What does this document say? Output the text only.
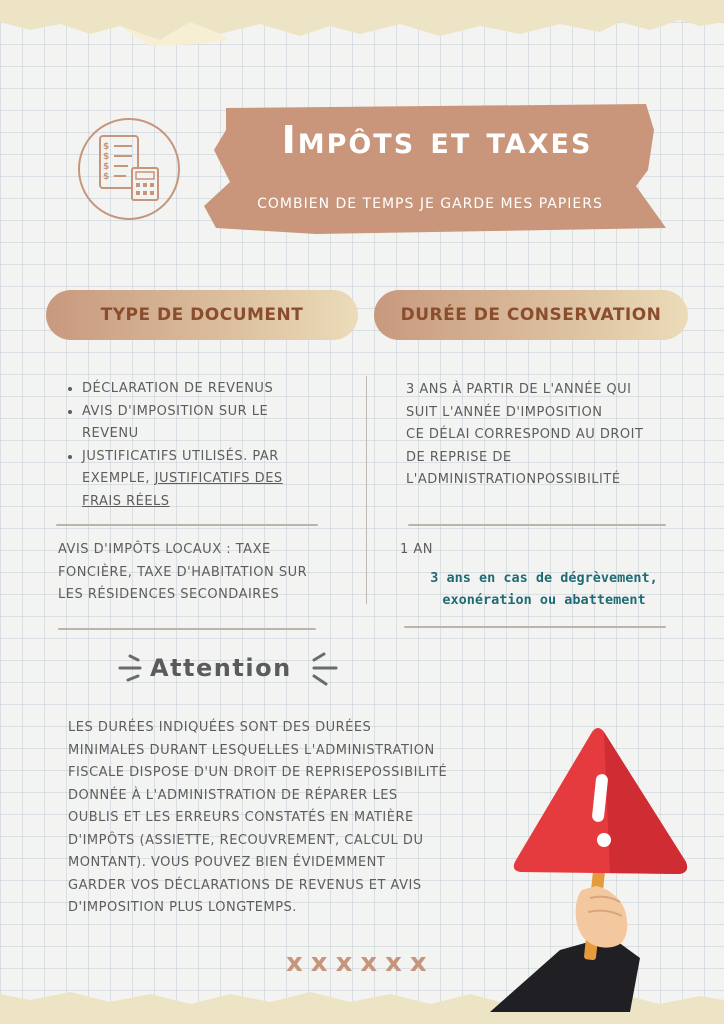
$
$
$
$
Impôts et taxes
COMBIEN DE TEMPS JE GARDE MES PAPIERS
TYPE DE DOCUMENT	DURÉE DE CONSERVATION
• DÉCLARATION DE REVENUS
• AVIS D'IMPOSITION SUR LE REVENU
• JUSTIFICATIFS UTILISÉS. PAR EXEMPLE, JUSTIFICATIFS DES FRAIS RÉELS
3 ANS À PARTIR DE L'ANNÉE QUI
SUIT L'ANNÉE D'IMPOSITION
CE DÉLAI CORRESPOND AU DROIT
DE REPRISE DE
L'ADMINISTRATIONPOSSIBILITÉ
AVIS D'IMPÔTS LOCAUX : TAXE
FONCIÈRE, TAXE D'HABITATION SUR
LES RÉSIDENCES SECONDAIRES
1 AN
3 ans en cas de dégrèvement,
exonération ou abattement
Attention
LES DURÉES INDIQUÉES SONT DES DURÉES
MINIMALES DURANT LESQUELLES L'ADMINISTRATION
FISCALE DISPOSE D'UN DROIT DE REPRISEPOSSIBILITÉ
DONNÉE À L'ADMINISTRATION DE RÉPARER LES
OUBLIS ET LES ERREURS CONSTATÉS EN MATIÈRE
D'IMPÔTS (ASSIETTE, RECOUVREMENT, CALCUL DU
MONTANT). VOUS POUVEZ BIEN ÉVIDEMMENT
GARDER VOS DÉCLARATIONS DE REVENUS ET AVIS
D'IMPOSITION PLUS LONGTEMPS.
x x x x x x
